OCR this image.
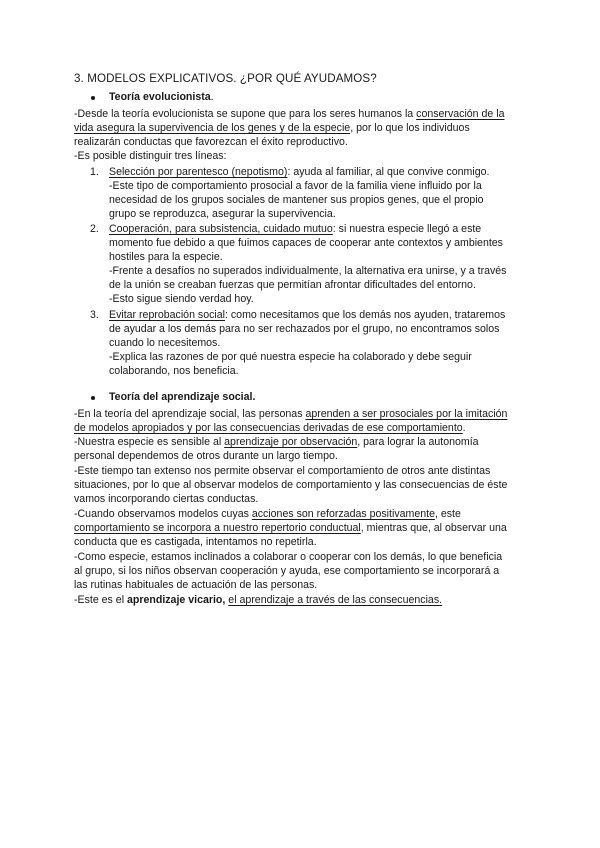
3. MODELOS EXPLICATIVOS. ¿POR QUÉ AYUDAMOS?
Teoría evolucionista.
-Desde la teoría evolucionista se supone que para los seres humanos la conservación de la
vida asegura la supervivencia de los genes y de la especie, por lo que los individuos
realizarán conductas que favorezcan el éxito reproductivo.
-Es posible distinguir tres líneas:
1. Selección por parentesco (nepotismo): ayuda al familiar, al que convive conmigo.
-Este tipo de comportamiento prosocial a favor de la familia viene influido por la
necesidad de los grupos sociales de mantener sus propios genes, que el propio
grupo se reproduzca, asegurar la supervivencia.
2. Cooperación, para subsistencia, cuidado mutuo: si nuestra especie llegó a este
momento fue debido a que fuimos capaces de cooperar ante contextos y ambientes
hostiles para la especie.
-Frente a desafíos no superados individualmente, la alternativa era unirse, y a través
de la unión se creaban fuerzas que permitían afrontar dificultades del entorno.
-Esto sigue siendo verdad hoy.
3. Evitar reprobación social: como necesitamos que los demás nos ayuden, trataremos
de ayudar a los demás para no ser rechazados por el grupo, no encontramos solos
cuando lo necesitemos.
-Explica las razones de por qué nuestra especie ha colaborado y debe seguir
colaborando, nos beneficia.
Teoría del aprendizaje social.
-En la teoría del aprendizaje social, las personas aprenden a ser prosociales por la imitación
de modelos apropiados y por las consecuencias derivadas de ese comportamiento.
-Nuestra especie es sensible al aprendizaje por observación, para lograr la autonomía
personal dependemos de otros durante un largo tiempo.
-Este tiempo tan extenso nos permite observar el comportamiento de otros ante distintas
situaciones, por lo que al observar modelos de comportamiento y las consecuencias de éste
vamos incorporando ciertas conductas.
-Cuando observamos modelos cuyas acciones son reforzadas positivamente, este
comportamiento se incorpora a nuestro repertorio conductual, mientras que, al observar una
conducta que es castigada, intentamos no repetirla.
-Como especie, estamos inclinados a colaborar o cooperar con los demás, lo que beneficia
al grupo, si los niños observan cooperación y ayuda, ese comportamiento se incorporará a
las rutinas habituales de actuación de las personas.
-Este es el aprendizaje vicario, el aprendizaje a través de las consecuencias.
